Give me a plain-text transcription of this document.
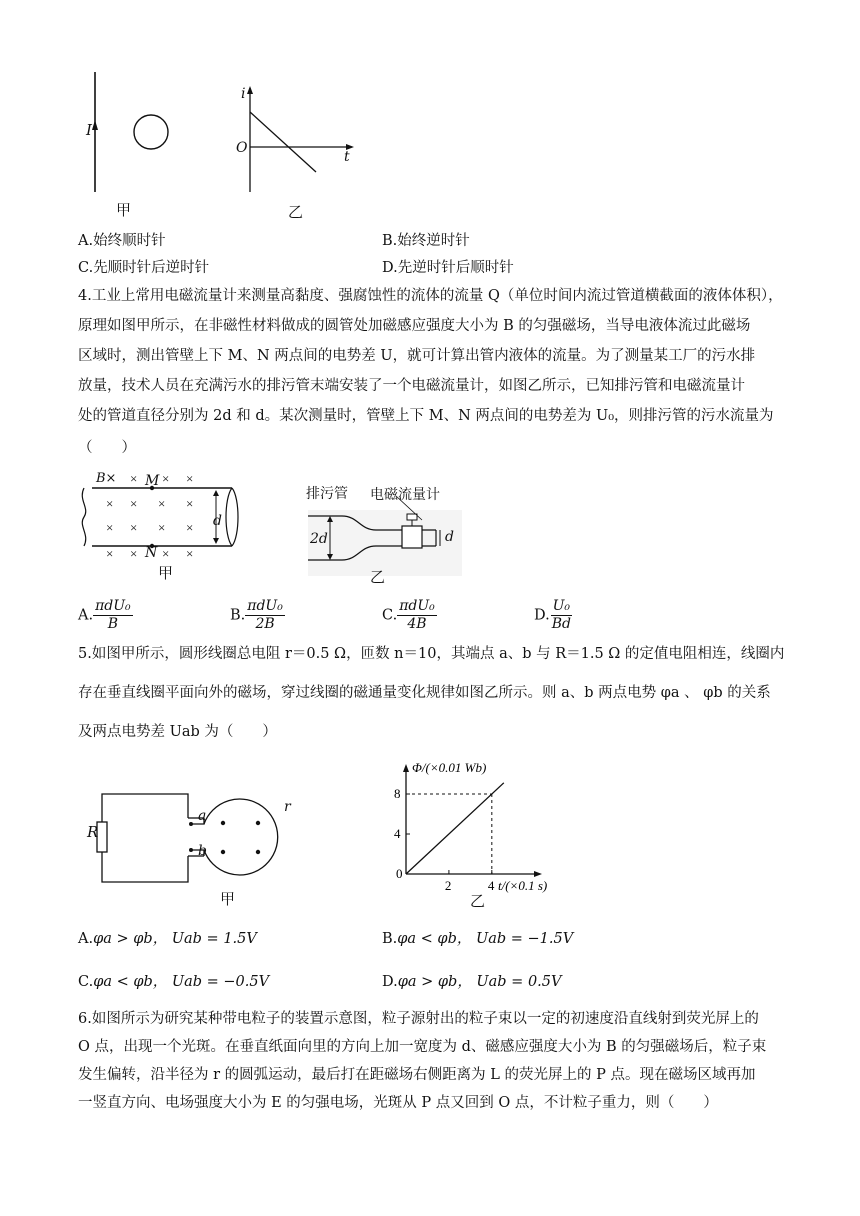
I
甲
i
O
t
乙
A.始终顺时针	B.始终逆时针
C.先顺时针后逆时针	D.先逆时针后顺时针
4.工业上常用电磁流量计来测量高黏度、强腐蚀性的流体的流量 Q（单位时间内流过管道横截面的液体体积），
原理如图甲所示，在非磁性材料做成的圆管处加磁感应强度大小为 B 的匀强磁场，当导电液体流过此磁场
区域时，测出管壁上下 M、N 两点间的电势差 U，就可计算出管内液体的流量。为了测量某工厂的污水排
放量，技术人员在充满污水的排污管末端安装了一个电磁流量计，如图乙所示，已知排污管和电磁流量计
处的管道直径分别为 2d 和 d。某次测量时，管壁上下 M、N 两点间的电势差为 U₀，则排污管的污水流量为
（　　）
× × ×
× × × ×
× × × ×
× × × ×
B× M
N
d
甲
排污管 电磁流量计
2d	d
乙
A. $\frac{\text{πdU₀}}{B}$	B. $\frac{\text{πdU₀}}{2B}$	C. $\frac{\text{πdU₀}}{4B}$	D. $\frac{\text{U₀}}{Bd}$
5.如图甲所示，圆形线圈总电阻 r＝0.5 Ω，匝数 n＝10，其端点 a、b 与 R＝1.5 Ω 的定值电阻相连，线圈内
存在垂直线圈平面向外的磁场，穿过线圈的磁通量变化规律如图乙所示。则 a、b 两点电势 φa 、 φb 的关系
及两点电势差 Uab 为（　　）
R
a
b
r
甲
Φ/(×0.01 Wb)
0
2	4
4
8
t/(×0.1 s)
乙
A.φa > φb， Uab = 1.5V	B.φa < φb， Uab = −1.5V
C.φa < φb， Uab = −0.5V	D.φa > φb， Uab = 0.5V
6.如图所示为研究某种带电粒子的装置示意图，粒子源射出的粒子束以一定的初速度沿直线射到荧光屏上的
O 点，出现一个光斑。在垂直纸面向里的方向上加一宽度为 d、磁感应强度大小为 B 的匀强磁场后，粒子束
发生偏转，沿半径为 r 的圆弧运动，最后打在距磁场右侧距离为 L 的荧光屏上的 P 点。现在磁场区域再加
一竖直方向、电场强度大小为 E 的匀强电场，光斑从 P 点又回到 O 点，不计粒子重力，则（　　）
